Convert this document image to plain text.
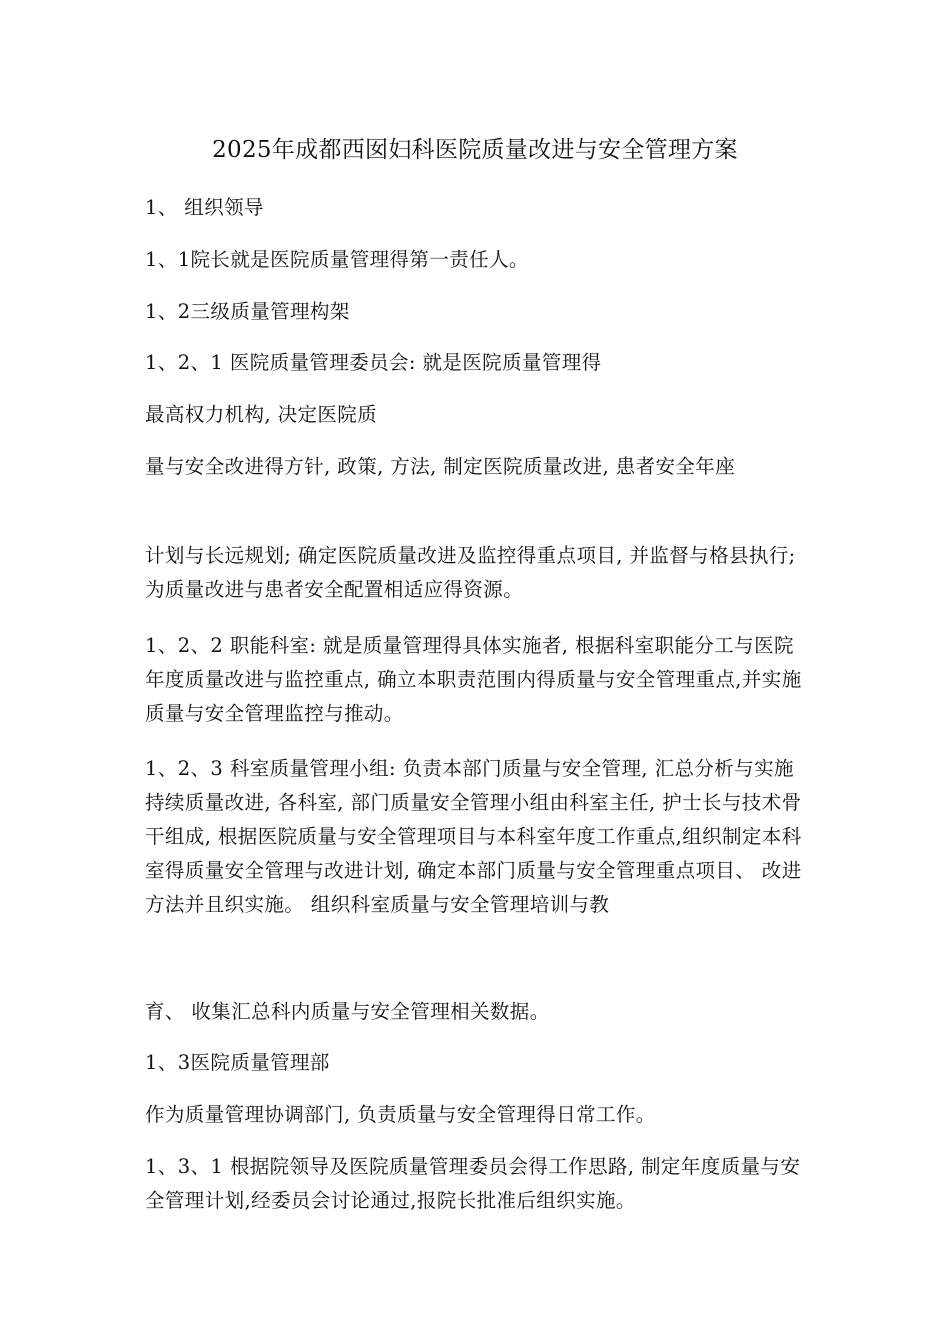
2025年成都西囡妇科医院质量改进与安全管理方案
1、 组织领导
1、1院长就是医院质量管理得第一责任人。
1、2三级质量管理构架
1、2、1 医院质量管理委员会: 就是医院质量管理得
最高权力机构, 决定医院质
量与安全改进得方针, 政策, 方法, 制定医院质量改进, 患者安全年座
计划与长远规划; 确定医院质量改进及监控得重点项目, 并监督与格县执行; 为质量改进与患者安全配置相适应得资源。
1、2、2 职能科室: 就是质量管理得具体实施者, 根据科室职能分工与医院年度质量改进与监控重点, 确立本职责范围内得质量与安全管理重点,并实施质量与安全管理监控与推动。
1、2、3 科室质量管理小组: 负责本部门质量与安全管理, 汇总分析与实施持续质量改进, 各科室, 部门质量安全管理小组由科室主任, 护士长与技术骨干组成, 根据医院质量与安全管理项目与本科室年度工作重点,组织制定本科室得质量安全管理与改进计划, 确定本部门质量与安全管理重点项目、 改进方法并且织实施。 组织科室质量与安全管理培训与教
育、 收集汇总科内质量与安全管理相关数据。
1、3医院质量管理部
作为质量管理协调部门, 负责质量与安全管理得日常工作。
1、3、1 根据院领导及医院质量管理委员会得工作思路, 制定年度质量与安全管理计划,经委员会讨论通过,报院长批准后组织实施。
